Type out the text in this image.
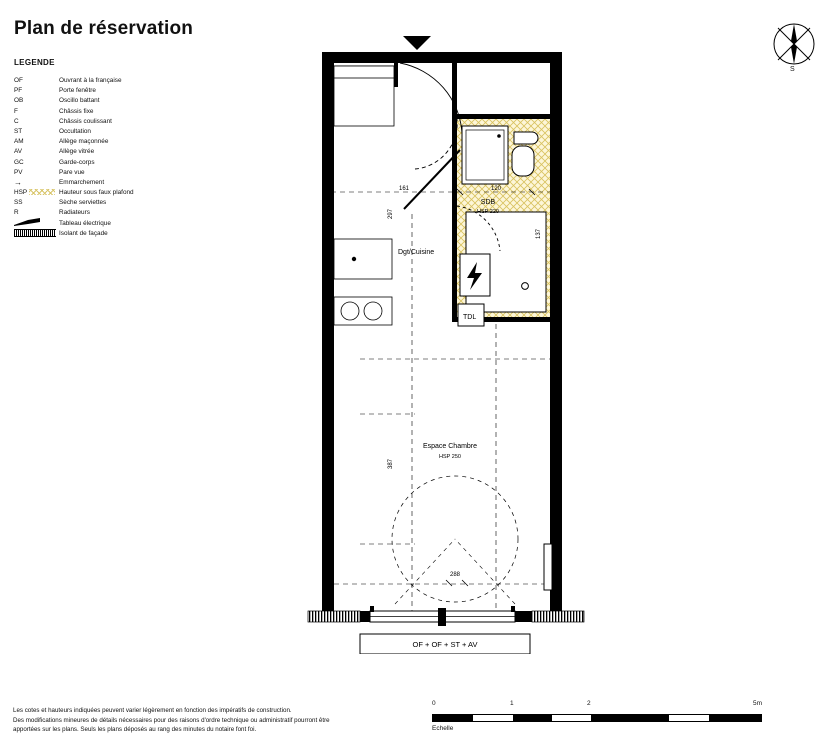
Plan de réservation
LEGENDE
OF	Ouvrant à la française
PF	Porte fenêtre
OB	Oscillo battant
F	Châssis fixe
C	Châssis coulissant
ST	Occultation
AM	Allège maçonnée
AV	Allège vitrée
GC	Garde-corps
PV	Pare vue
→	Emmarchement
HSP	Hauteur sous faux plafond
SS	Sèche serviettes
R	Radiateurs
Tableau électrique
Isolant de façade
S
TDL
Dgt/Cuisine
SDB
HSP 220
Espace Chambre
HSP 250
161
297
120
137
387
288
OF + OF + ST + AV
0	1	2	5m
Echelle
Les cotes et hauteurs indiquées peuvent varier légèrement en fonction des impératifs de construction.
Des modifications mineures de détails nécessaires pour des raisons d'ordre technique ou administratif pourront être
apportées sur les plans. Seuls les plans déposés au rang des minutes du notaire font foi.
